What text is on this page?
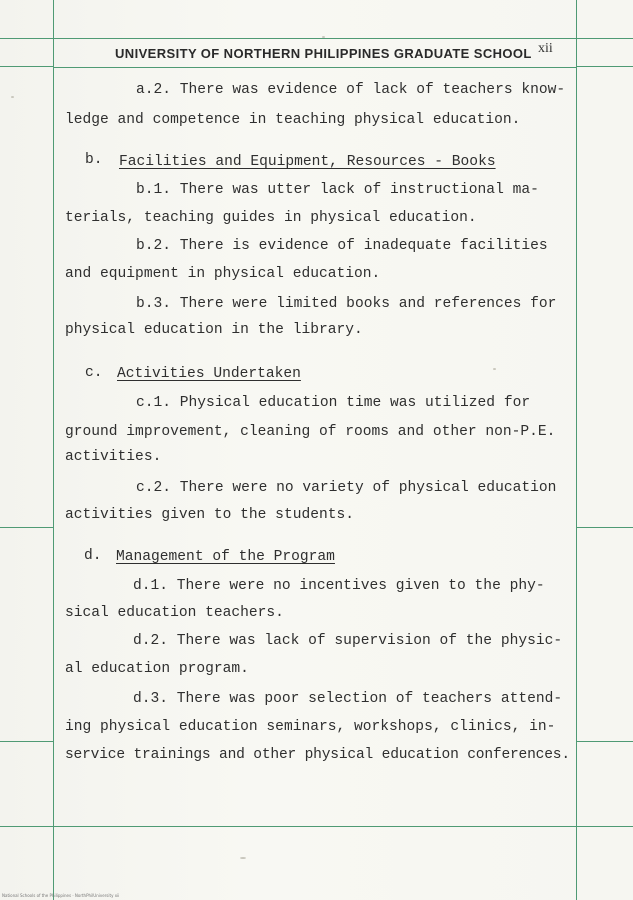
UNIVERSITY OF NORTHERN PHILIPPINES GRADUATE SCHOOL xii
a.2. There was evidence of lack of teachers know-
ledge and competence in teaching physical education.
b. Facilities and Equipment, Resources - Books
b.1. There was utter lack of instructional ma-
terials, teaching guides in physical education.
b.2. There is evidence of inadequate facilities
and equipment in physical education.
b.3. There were limited books and references for
physical education in the library.
c. Activities Undertaken
c.1. Physical education time was utilized for
ground improvement, cleaning of rooms and other non-P.E.
activities.
c.2. There were no variety of physical education
activities given to the students.
d. Management of the Program
d.1. There were no incentives given to the phy-
sical education teachers.
d.2. There was lack of supervision of the physic-
al education program.
d.3. There was poor selection of teachers attend-
ing physical education seminars, workshops, clinics, in-
service trainings and other physical education conferences.
National Schools of the Philippines · NorthPhilUniversity xii
